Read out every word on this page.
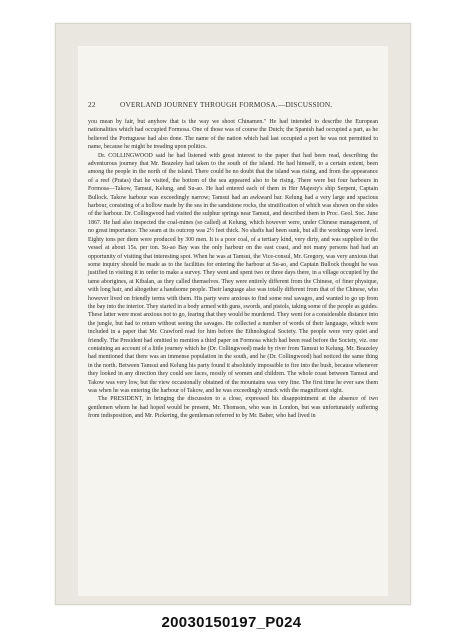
22	OVERLAND JOURNEY THROUGH FORMOSA.—DISCUSSION.

you mean by fair, but anyhow that is the way we shoot Chinamen." He had intended to describe the European nationalities which had occupied Formosa. One of those was of course the Dutch; the Spanish had occupied a part, as he believed the Portuguese had also done. The name of the nation which had last occupied a port he was not permitted to name, because he might be treading upon politics.

Dr. COLLINGWOOD said he had listened with great interest to the paper that had been read, describing the adventurous journey that Mr. Beazeley had taken to the south of the island. He had himself, to a certain extent, been among the people in the north of the island. There could be no doubt that the island was rising, and from the appearance of a reef (Pratas) that he visited, the bottom of the sea appeared also to be rising. There were but four harbours in Formosa—Takow, Tamsui, Kelung, and Su-ao. He had entered each of them in Her Majesty's ship Serpent, Captain Bullock. Takow harbour was exceedingly narrow; Tamsui had an awkward bar. Kelung had a very large and spacious harbour, consisting of a hollow made by the sea in the sandstone rocks, the stratification of which was shown on the sides of the harbour. Dr. Collingwood had visited the sulphur springs near Tamsui, and described them in Proc. Geol. Soc. June 1867. He had also inspected the coal-mines (so called) at Kelung, which however were, under Chinese management, of no great importance. The seam at its outcrop was 2½ feet thick. No shafts had been sunk, but all the workings were level. Eighty tons per diem were produced by 300 men. It is a poor coal, of a tertiary kind, very dirty, and was supplied to the vessel at about 15s. per ton. Su-ao Bay was the only harbour on the east coast, and not many persons had had an opportunity of visiting that interesting spot. When he was at Tamsui, the Vice-consul, Mr. Gregory, was very anxious that some inquiry should be made as to the facilities for entering the harbour at Su-ao, and Captain Bullock thought he was justified in visiting it in order to make a survey. They went and spent two or three days there, in a village occupied by the tame aborigines, at Kibalan, as they called themselves. They were entirely different from the Chinese, of finer physique, with long hair, and altogether a handsome people. Their language also was totally different from that of the Chinese, who however lived on friendly terms with them. His party were anxious to find some real savages, and wanted to go up from the bay into the interior. They started in a body armed with guns, swords, and pistols, taking some of the people as guides. These latter were most anxious not to go, fearing that they would be murdered. They went for a considerable distance into the jungle, but had to return without seeing the savages. He collected a number of words of their language, which were included in a paper that Mr. Crawford read for him before the Ethnological Society. The people were very quiet and friendly. The President had omitted to mention a third paper on Formosa which had been read before the Society, viz. one containing an account of a little journey which he (Dr. Collingwood) made by river from Tamsui to Kelung. Mr. Beazeley had mentioned that there was an immense population in the south, and he (Dr. Collingwood) had noticed the same thing in the north. Between Tamsui and Kelung his party found it absolutely impossible to fire into the bush, because whenever they looked in any direction they could see faces, mostly of women and children. The whole coast between Tamsui and Takow was very low, but the view occasionally obtained of the mountains was very fine. The first time he ever saw them was when he was entering the harbour of Takow, and he was exceedingly struck with the magnificent sight.

The PRESIDENT, in bringing the discussion to a close, expressed his disappointment at the absence of two gentlemen whom he had hoped would be present, Mr. Thomson, who was in London, but was unfortunately suffering from indisposition, and Mr. Pickering, the gentleman referred to by Mr. Baber, who had lived in

20030150197_P024
